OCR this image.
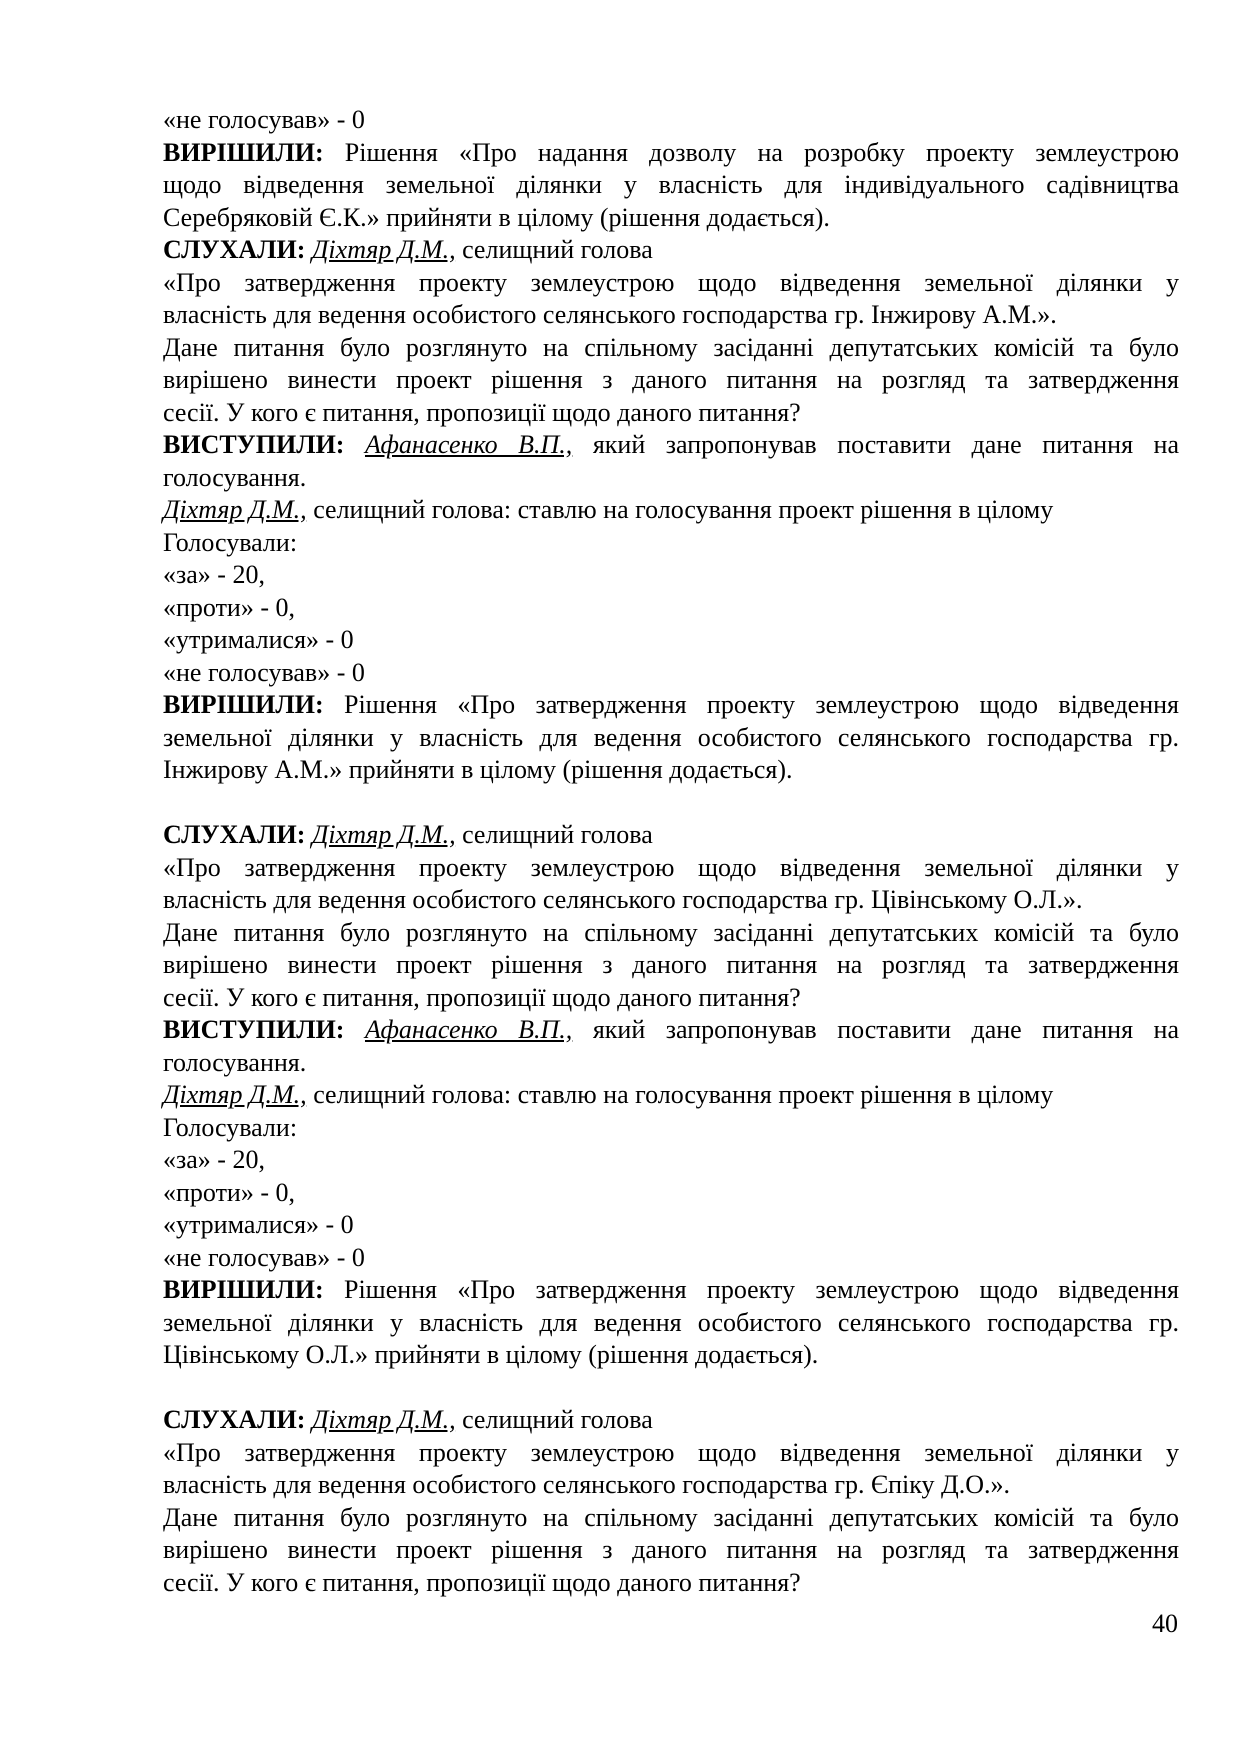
«не голосував» - 0

ВИРІШИЛИ: Рішення «Про надання дозволу на розробку проекту землеустрою

щодо відведення земельної ділянки у власність для індивідуального садівництва

Серебряковій Є.К.» прийняти в цілому (рішення додається).

СЛУХАЛИ: Діхтяр Д.М., селищний голова

«Про затвердження проекту землеустрою щодо відведення земельної ділянки у

власність для ведення особистого селянського господарства гр. Інжирову А.М.».

Дане питання було розглянуто на спільному засіданні депутатських комісій та було

вирішено винести проект рішення з даного питання на розгляд та затвердження

сесії. У кого є питання, пропозиції щодо даного питання?

ВИСТУПИЛИ: Афанасенко В.П., який запропонував поставити дане питання на

голосування.

Діхтяр Д.М., селищний голова: ставлю на голосування проект рішення в цілому

Голосували:

«за» - 20,

«проти» - 0,

«утрималися» - 0

«не голосував» - 0

ВИРІШИЛИ: Рішення «Про затвердження проекту землеустрою щодо відведення

земельної ділянки у власність для ведення особистого селянського господарства гр.

Інжирову А.М.» прийняти в цілому (рішення додається).

СЛУХАЛИ: Діхтяр Д.М., селищний голова

«Про затвердження проекту землеустрою щодо відведення земельної ділянки у

власність для ведення особистого селянського господарства гр. Цівінському О.Л.».

Дане питання було розглянуто на спільному засіданні депутатських комісій та було

вирішено винести проект рішення з даного питання на розгляд та затвердження

сесії. У кого є питання, пропозиції щодо даного питання?

ВИСТУПИЛИ: Афанасенко В.П., який запропонував поставити дане питання на

голосування.

Діхтяр Д.М., селищний голова: ставлю на голосування проект рішення в цілому

Голосували:

«за» - 20,

«проти» - 0,

«утрималися» - 0

«не голосував» - 0

ВИРІШИЛИ: Рішення «Про затвердження проекту землеустрою щодо відведення

земельної ділянки у власність для ведення особистого селянського господарства гр.

Цівінському О.Л.» прийняти в цілому (рішення додається).

СЛУХАЛИ: Діхтяр Д.М., селищний голова

«Про затвердження проекту землеустрою щодо відведення земельної ділянки у

власність для ведення особистого селянського господарства гр. Єпіку Д.О.».

Дане питання було розглянуто на спільному засіданні депутатських комісій та було

вирішено винести проект рішення з даного питання на розгляд та затвердження

сесії. У кого є питання, пропозиції щодо даного питання?

40
